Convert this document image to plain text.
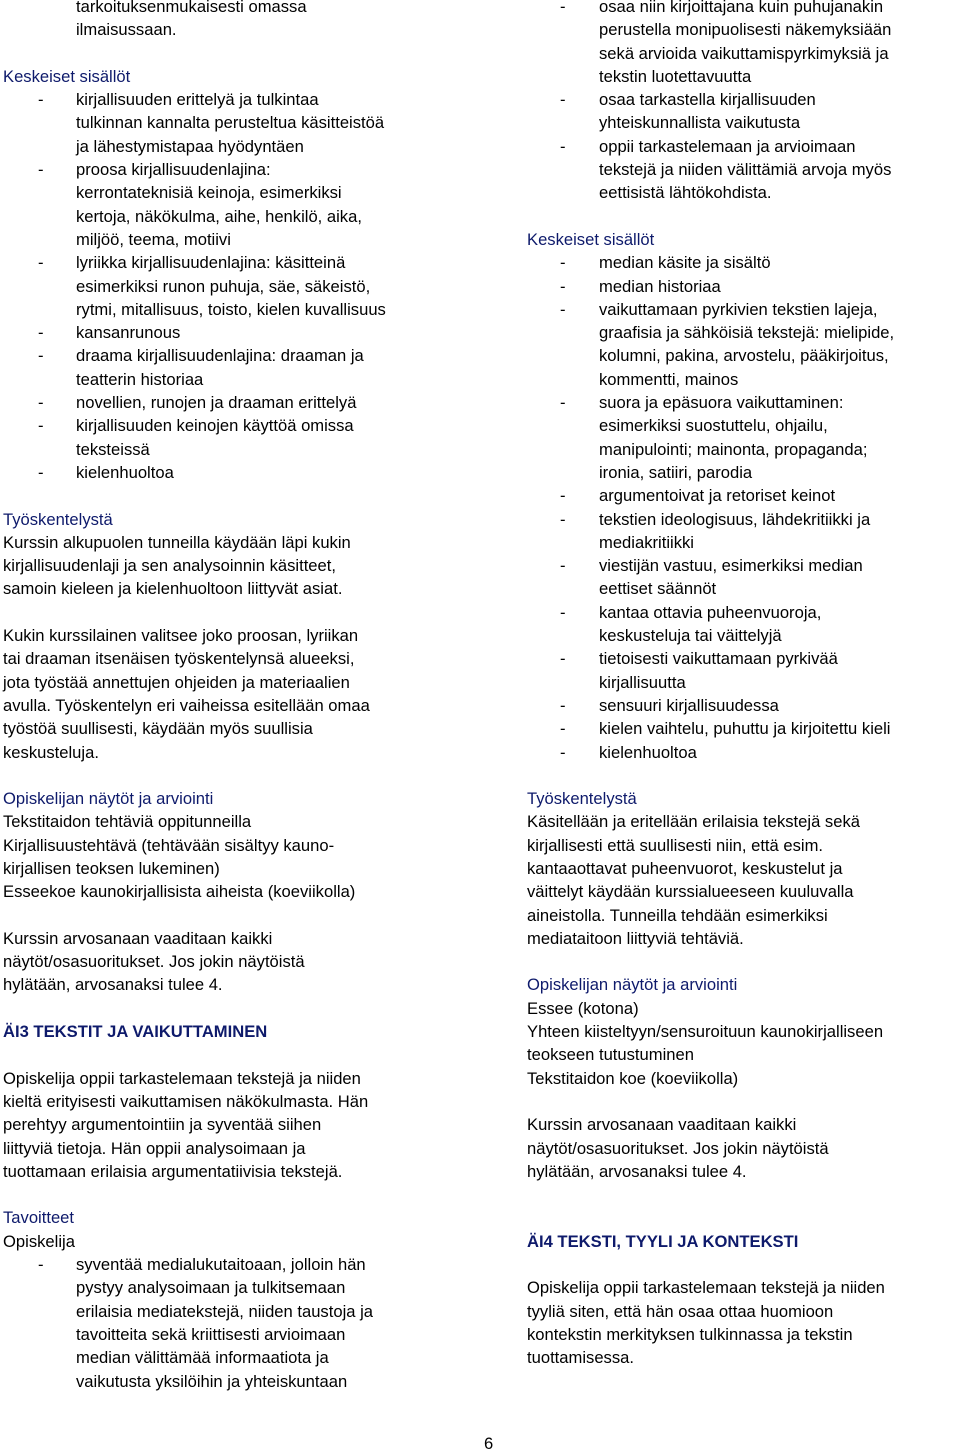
tarkoituksenmukaisesti omassa
ilmaisussaan.
Keskeiset sisällöt
- kirjallisuuden erittelyä ja tulkintaa
tulkinnan kannalta perusteltua käsitteistöä
ja lähestymistapaa hyödyntäen
- proosa kirjallisuudenlajina:
kerrontateknisiä keinoja, esimerkiksi
kertoja, näkökulma, aihe, henkilö, aika,
miljöö, teema, motiivi
- lyriikka kirjallisuudenlajina: käsitteinä
esimerkiksi runon puhuja, säe, säkeistö,
rytmi, mitallisuus, toisto, kielen kuvallisuus
- kansanrunous
- draama kirjallisuudenlajina: draaman ja
teatterin historiaa
- novellien, runojen ja draaman erittelyä
- kirjallisuuden keinojen käyttöä omissa
teksteissä
- kielenhuoltoa
Työskentelystä
Kurssin alkupuolen tunneilla käydään läpi kukin
kirjallisuudenlaji ja sen analysoinnin käsitteet,
samoin kieleen ja kielenhuoltoon liittyvät asiat.
Kukin kurssilainen valitsee joko proosan, lyriikan
tai draaman itsenäisen työskentelynsä alueeksi,
jota työstää annettujen ohjeiden ja materiaalien
avulla. Työskentelyn eri vaiheissa esitellään omaa
työstöä suullisesti, käydään myös suullisia
keskusteluja.
Opiskelijan näytöt ja arviointi
Tekstitaidon tehtäviä oppitunneilla
Kirjallisuustehtävä (tehtävään sisältyy kauno-
kirjallisen teoksen lukeminen)
Esseekoe kaunokirjallisista aiheista (koeviikolla)
Kurssin arvosanaan vaaditaan kaikki
näytöt/osasuoritukset. Jos jokin näytöistä
hylätään, arvosanaksi tulee 4.
ÄI3 TEKSTIT JA VAIKUTTAMINEN
Opiskelija oppii tarkastelemaan tekstejä ja niiden
kieltä erityisesti vaikuttamisen näkökulmasta. Hän
perehtyy argumentointiin ja syventää siihen
liittyviä tietoja. Hän oppii analysoimaan ja
tuottamaan erilaisia argumentatiivisia tekstejä.
Tavoitteet
Opiskelija
- syventää medialukutaitoaan, jolloin hän
pystyy analysoimaan ja tulkitsemaan
erilaisia mediatekstejä, niiden taustoja ja
tavoitteita sekä kriittisesti arvioimaan
median välittämää informaatiota ja
vaikutusta yksilöihin ja yhteiskuntaan
- osaa niin kirjoittajana kuin puhujanakin
perustella monipuolisesti näkemyksiään
sekä arvioida vaikuttamispyrkimyksiä ja
tekstin luotettavuutta
- osaa tarkastella kirjallisuuden
yhteiskunnallista vaikutusta
- oppii tarkastelemaan ja arvioimaan
tekstejä ja niiden välittämiä arvoja myös
eettisistä lähtökohdista.
Keskeiset sisällöt
- median käsite ja sisältö
- median historiaa
- vaikuttamaan pyrkivien tekstien lajeja,
graafisia ja sähköisiä tekstejä: mielipide,
kolumni, pakina, arvostelu, pääkirjoitus,
kommentti, mainos
- suora ja epäsuora vaikuttaminen:
esimerkiksi suostuttelu, ohjailu,
manipulointi; mainonta, propaganda;
ironia, satiiri, parodia
- argumentoivat ja retoriset keinot
- tekstien ideologisuus, lähdekritiikki ja
mediakritiikki
- viestijän vastuu, esimerkiksi median
eettiset säännöt
- kantaa ottavia puheenvuoroja,
keskusteluja tai väittelyjä
- tietoisesti vaikuttamaan pyrkivää
kirjallisuutta
- sensuuri kirjallisuudessa
- kielen vaihtelu, puhuttu ja kirjoitettu kieli
- kielenhuoltoa
Työskentelystä
Käsitellään ja eritellään erilaisia tekstejä sekä
kirjallisesti että suullisesti niin, että esim.
kantaaottavat puheenvuorot, keskustelut ja
väittelyt käydään kurssialueeseen kuuluvalla
aineistolla. Tunneilla tehdään esimerkiksi
mediataitoon liittyviä tehtäviä.
Opiskelijan näytöt ja arviointi
Essee (kotona)
Yhteen kiisteltyyn/sensuroituun kaunokirjalliseen
teokseen tutustuminen
Tekstitaidon koe (koeviikolla)
Kurssin arvosanaan vaaditaan kaikki
näytöt/osasuoritukset. Jos jokin näytöistä
hylätään, arvosanaksi tulee 4.
ÄI4 TEKSTI, TYYLI JA KONTEKSTI
Opiskelija oppii tarkastelemaan tekstejä ja niiden
tyyliä siten, että hän osaa ottaa huomioon
kontekstin merkityksen tulkinnassa ja tekstin
tuottamisessa.
6
